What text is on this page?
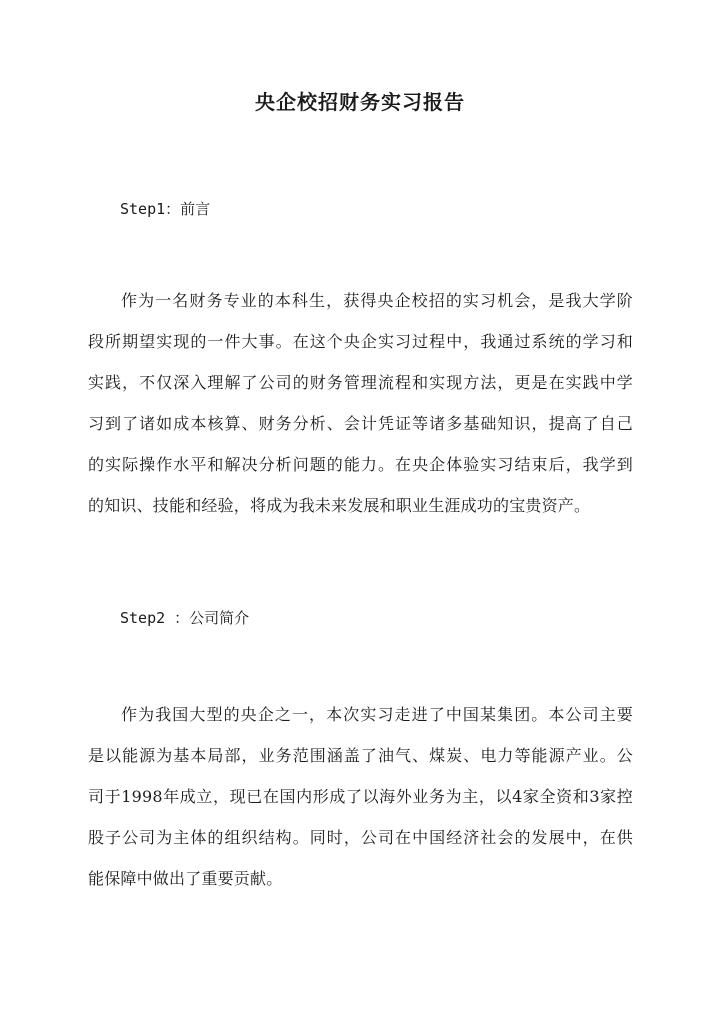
央企校招财务实习报告

Step1：前言

作为一名财务专业的本科生，获得央企校招的实习机会，是我大学阶
段所期望实现的一件大事。在这个央企实习过程中，我通过系统的学习和
实践，不仅深入理解了公司的财务管理流程和实现方法，更是在实践中学
习到了诸如成本核算、财务分析、会计凭证等诸多基础知识，提高了自己
的实际操作水平和解决分析问题的能力。在央企体验实习结束后，我学到
的知识、技能和经验，将成为我未来发展和职业生涯成功的宝贵资产。

Step2 ：公司简介

作为我国大型的央企之一，本次实习走进了中国某集团。本公司主要
是以能源为基本局部，业务范围涵盖了油气、煤炭、电力等能源产业。公
司于1998年成立，现已在国内形成了以海外业务为主，以4家全资和3家控
股子公司为主体的组织结构。同时，公司在中国经济社会的发展中，在供
能保障中做出了重要贡献。
